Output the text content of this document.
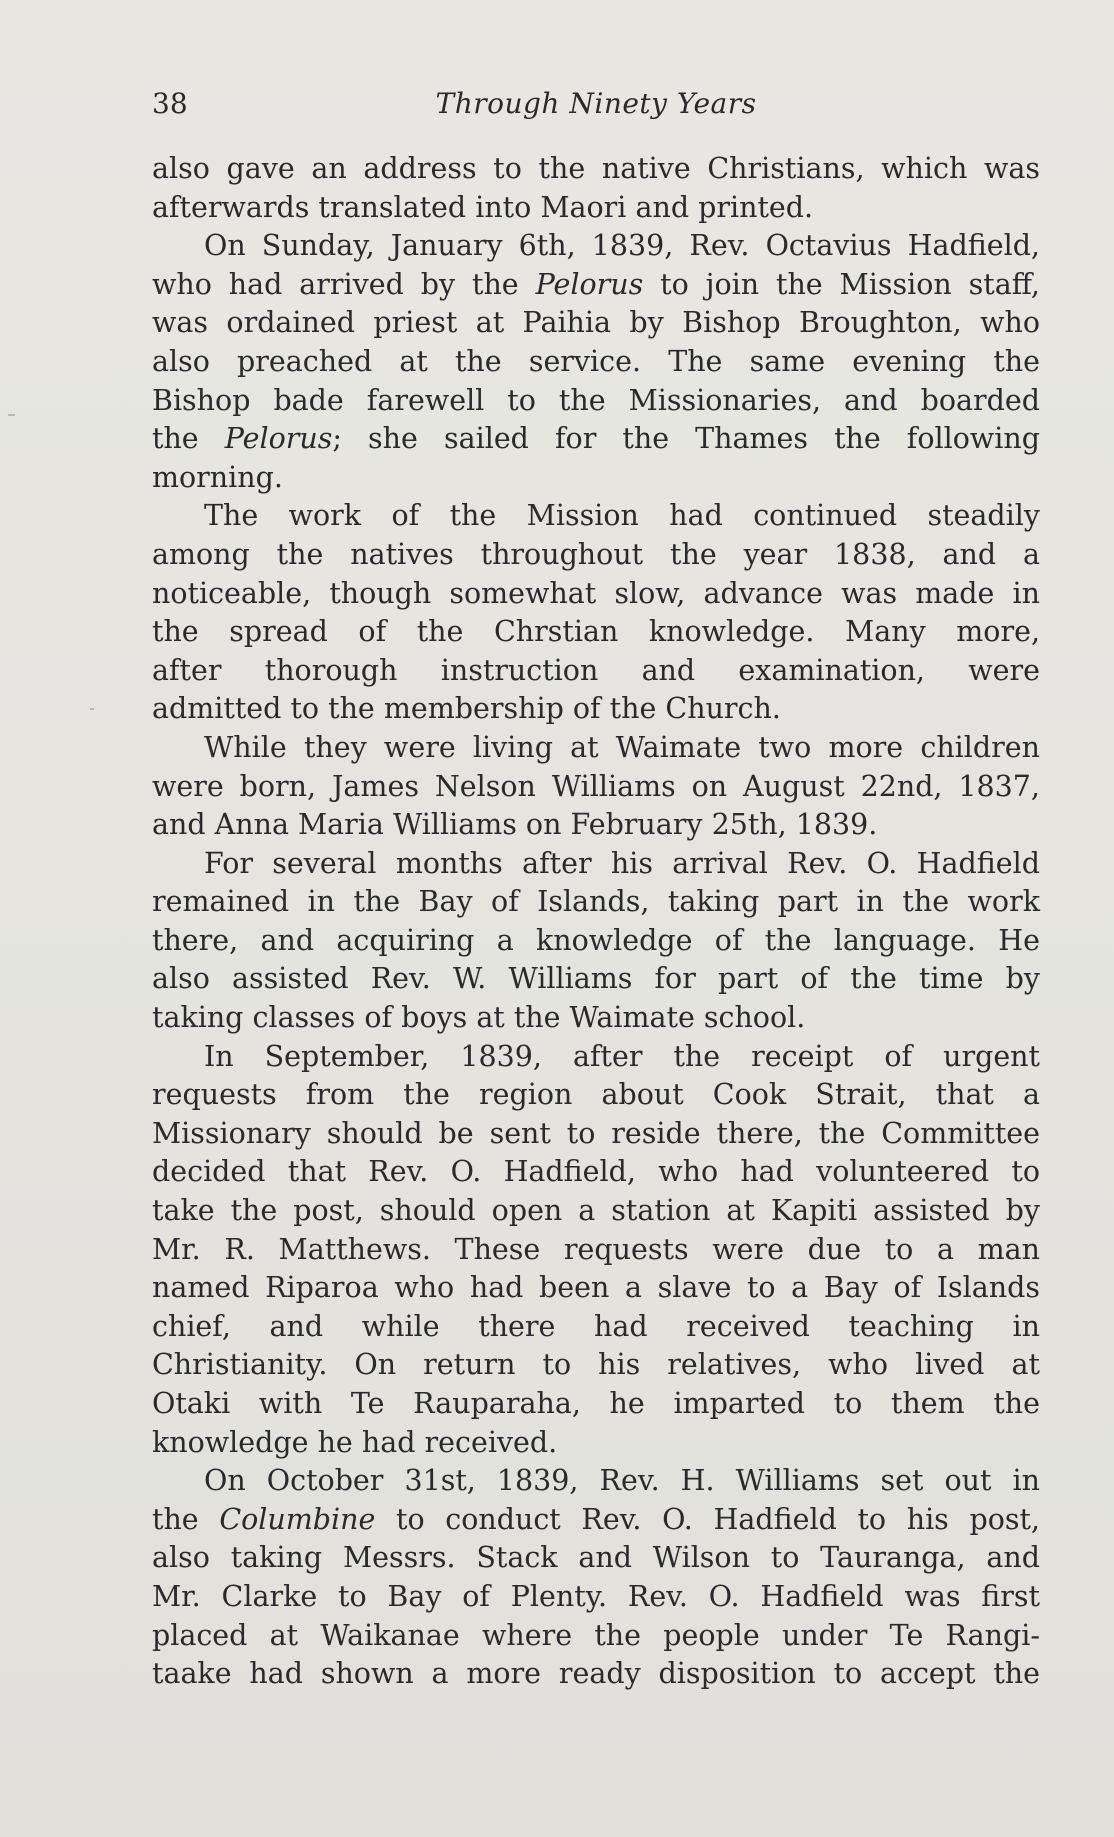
38	Through Ninety Years
also gave an address to the native Christians, which was
afterwards translated into Maori and printed.
On Sunday, January 6th, 1839, Rev. Octavius Hadfield,
who had arrived by the Pelorus to join the Mission staff,
was ordained priest at Paihia by Bishop Broughton, who
also preached at the service. The same evening the
Bishop bade farewell to the Missionaries, and boarded
the Pelorus; she sailed for the Thames the following
morning.
The work of the Mission had continued steadily
among the natives throughout the year 1838, and a
noticeable, though somewhat slow, advance was made in
the spread of the Chrstian knowledge. Many more,
after thorough instruction and examination, were
admitted to the membership of the Church.
While they were living at Waimate two more children
were born, James Nelson Williams on August 22nd, 1837,
and Anna Maria Williams on February 25th, 1839.
For several months after his arrival Rev. O. Hadfield
remained in the Bay of Islands, taking part in the work
there, and acquiring a knowledge of the language. He
also assisted Rev. W. Williams for part of the time by
taking classes of boys at the Waimate school.
In September, 1839, after the receipt of urgent
requests from the region about Cook Strait, that a
Missionary should be sent to reside there, the Committee
decided that Rev. O. Hadfield, who had volunteered to
take the post, should open a station at Kapiti assisted by
Mr. R. Matthews. These requests were due to a man
named Riparoa who had been a slave to a Bay of Islands
chief, and while there had received teaching in
Christianity. On return to his relatives, who lived at
Otaki with Te Rauparaha, he imparted to them the
knowledge he had received.
On October 31st, 1839, Rev. H. Williams set out in
the Columbine to conduct Rev. O. Hadfield to his post,
also taking Messrs. Stack and Wilson to Tauranga, and
Mr. Clarke to Bay of Plenty. Rev. O. Hadfield was first
placed at Waikanae where the people under Te Rangi-
taake had shown a more ready disposition to accept the
